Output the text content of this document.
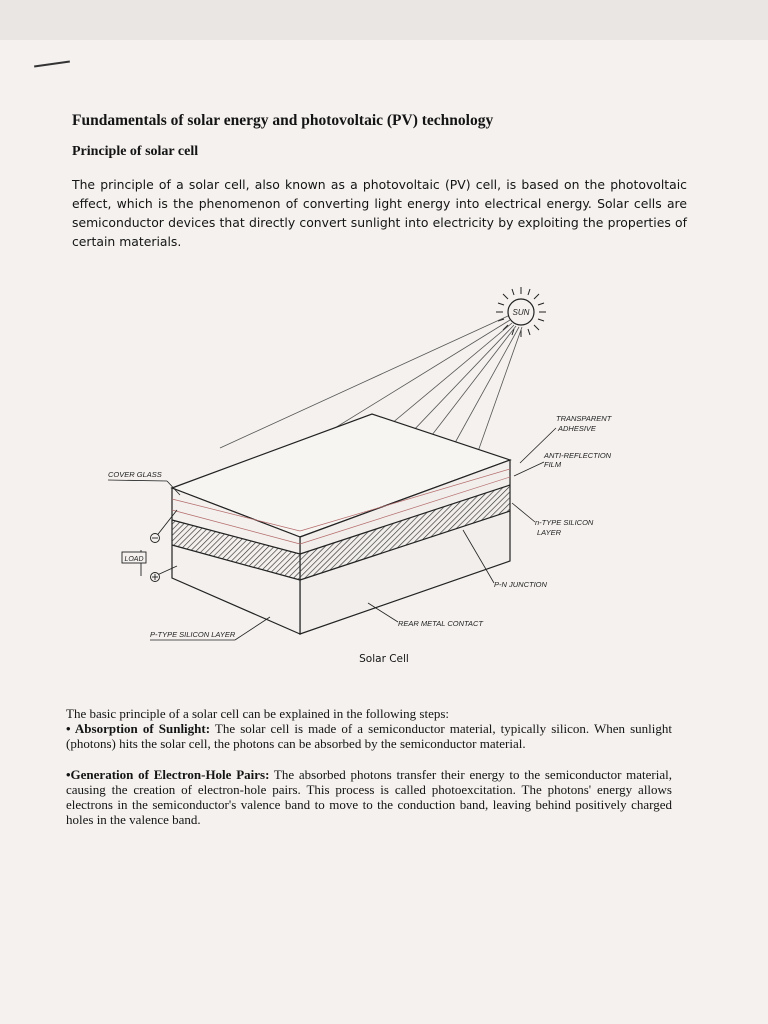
Fundamentals of solar energy and photovoltaic (PV) technology
Principle of solar cell
The principle of a solar cell, also known as a photovoltaic (PV) cell, is based on the photovoltaic effect, which is the phenomenon of converting light energy into electrical energy. Solar cells are semiconductor devices that directly convert sunlight into electricity by exploiting the properties of certain materials.
SUN
TRANSPARENT
ADHESIVE
ANTI-REFLECTION
FILM
n-TYPE SILICON
LAYER
P-N JUNCTION
REAR METAL CONTACT
COVER GLASS
P-TYPE SILICON LAYER
LOAD
Solar Cell

The basic principle of a solar cell can be explained in the following steps:

• Absorption of Sunlight: The solar cell is made of a semiconductor material, typically silicon. When sunlight (photons) hits the solar cell, the photons can be absorbed by the semiconductor material.

•Generation of Electron-Hole Pairs: The absorbed photons transfer their energy to the semiconductor material, causing the creation of electron-hole pairs. This process is called photoexcitation. The photons' energy allows electrons in the semiconductor's valence band to move to the conduction band, leaving behind positively charged holes in the valence band.
